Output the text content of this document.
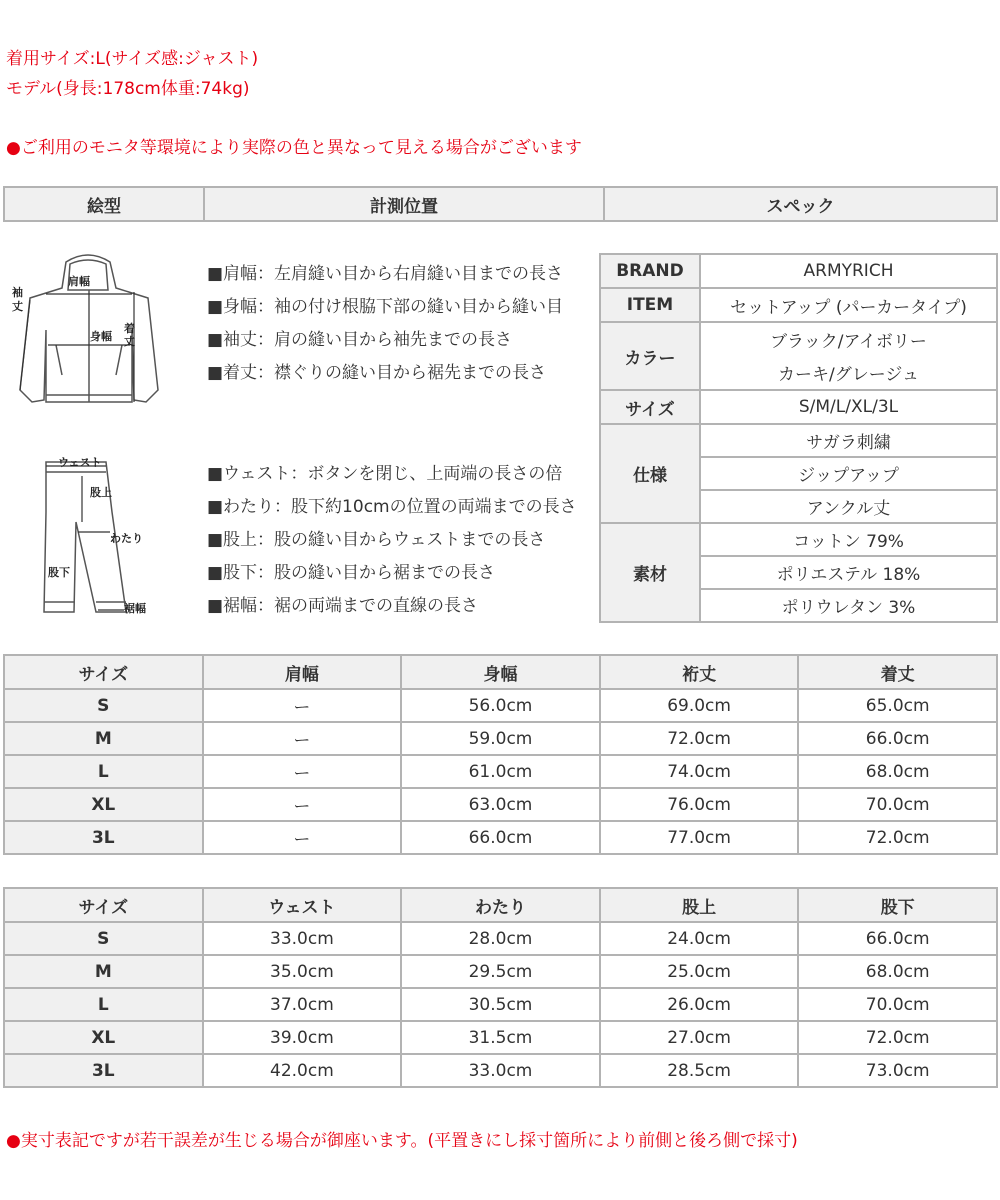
着用サイズ:L(サイズ感:ジャスト)
モデル(身長:178cm体重:74kg)
●ご利用のモニタ等環境により実際の色と異なって見える場合がございます
絵型	計測位置	スペック
肩幅
袖
丈
身幅
着
丈
ウェスト
股上
わたり
股下
裾幅
■肩幅：左肩縫い目から右肩縫い目までの長さ
■身幅：袖の付け根脇下部の縫い目から縫い目
■袖丈：肩の縫い目から袖先までの長さ
■着丈：襟ぐりの縫い目から裾先までの長さ
■ウェスト：ボタンを閉じ、上両端の長さの倍
■わたり：股下約10cmの位置の両端までの長さ
■股上：股の縫い目からウェストまでの長さ
■股下：股の縫い目から裾までの長さ
■裾幅：裾の両端までの直線の長さ
BRAND	ARMYRICH
ITEM	セットアップ (パーカータイプ)
カラー	ブラック/アイボリー
	カーキ/グレージュ
サイズ	S/M/L/XL/3L
仕様	サガラ刺繍
	ジップアップ
	アンクル丈
素材	コットン 79%
	ポリエステル 18%
	ポリウレタン 3%
サイズ	肩幅	身幅	裄丈	着丈
S	ー	56.0cm	69.0cm	65.0cm
M	ー	59.0cm	72.0cm	66.0cm
L	ー	61.0cm	74.0cm	68.0cm
XL	ー	63.0cm	76.0cm	70.0cm
3L	ー	66.0cm	77.0cm	72.0cm
サイズ	ウェスト	わたり	股上	股下
S	33.0cm	28.0cm	24.0cm	66.0cm
M	35.0cm	29.5cm	25.0cm	68.0cm
L	37.0cm	30.5cm	26.0cm	70.0cm
XL	39.0cm	31.5cm	27.0cm	72.0cm
3L	42.0cm	33.0cm	28.5cm	73.0cm
●実寸表記ですが若干誤差が生じる場合が御座います。(平置きにし採寸箇所により前側と後ろ側で採寸)
